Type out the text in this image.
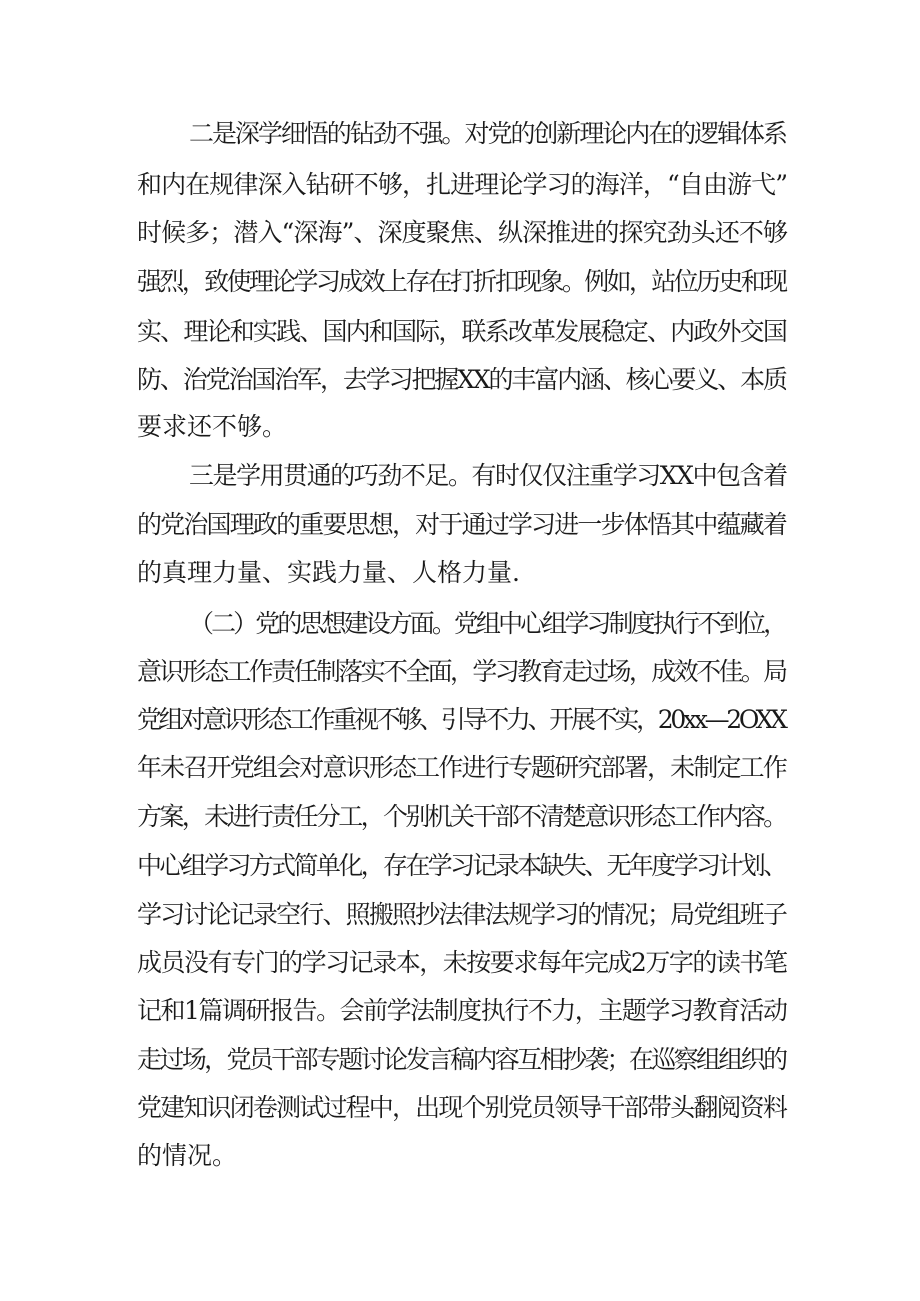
二是深学细悟的钻劲不强。对党的创新理论内在的逻辑体系
和内在规律深入钻研不够，扎进理论学习的海洋，“自由游弋”
时候多；潜入“深海”、深度聚焦、纵深推进的探究劲头还不够
强烈，致使理论学习成效上存在打折扣现象。例如，站位历史和现
实、理论和实践、国内和国际，联系改革发展稳定、内政外交国
防、治党治国治军，去学习把握XX的丰富内涵、核心要义、本质
要求还不够。
三是学用贯通的巧劲不足。有时仅仅注重学习XX中包含着
的党治国理政的重要思想，对于通过学习进一步体悟其中蕴藏着
的真理力量、实践力量、人格力量.
（二）党的思想建设方面。党组中心组学习制度执行不到位，
意识形态工作责任制落实不全面，学习教育走过场，成效不佳。局
党组对意识形态工作重视不够、引导不力、开展不实，20xx—2OXX
年未召开党组会对意识形态工作进行专题研究部署，未制定工作
方案，未进行责任分工，个别机关干部不清楚意识形态工作内容。
中心组学习方式简单化，存在学习记录本缺失、无年度学习计划、
学习讨论记录空行、照搬照抄法律法规学习的情况；局党组班子
成员没有专门的学习记录本，未按要求每年完成2万字的读书笔
记和1篇调研报告。会前学法制度执行不力，主题学习教育活动
走过场，党员干部专题讨论发言稿内容互相抄袭；在巡察组组织的
党建知识闭卷测试过程中，出现个别党员领导干部带头翻阅资料
的情况。
